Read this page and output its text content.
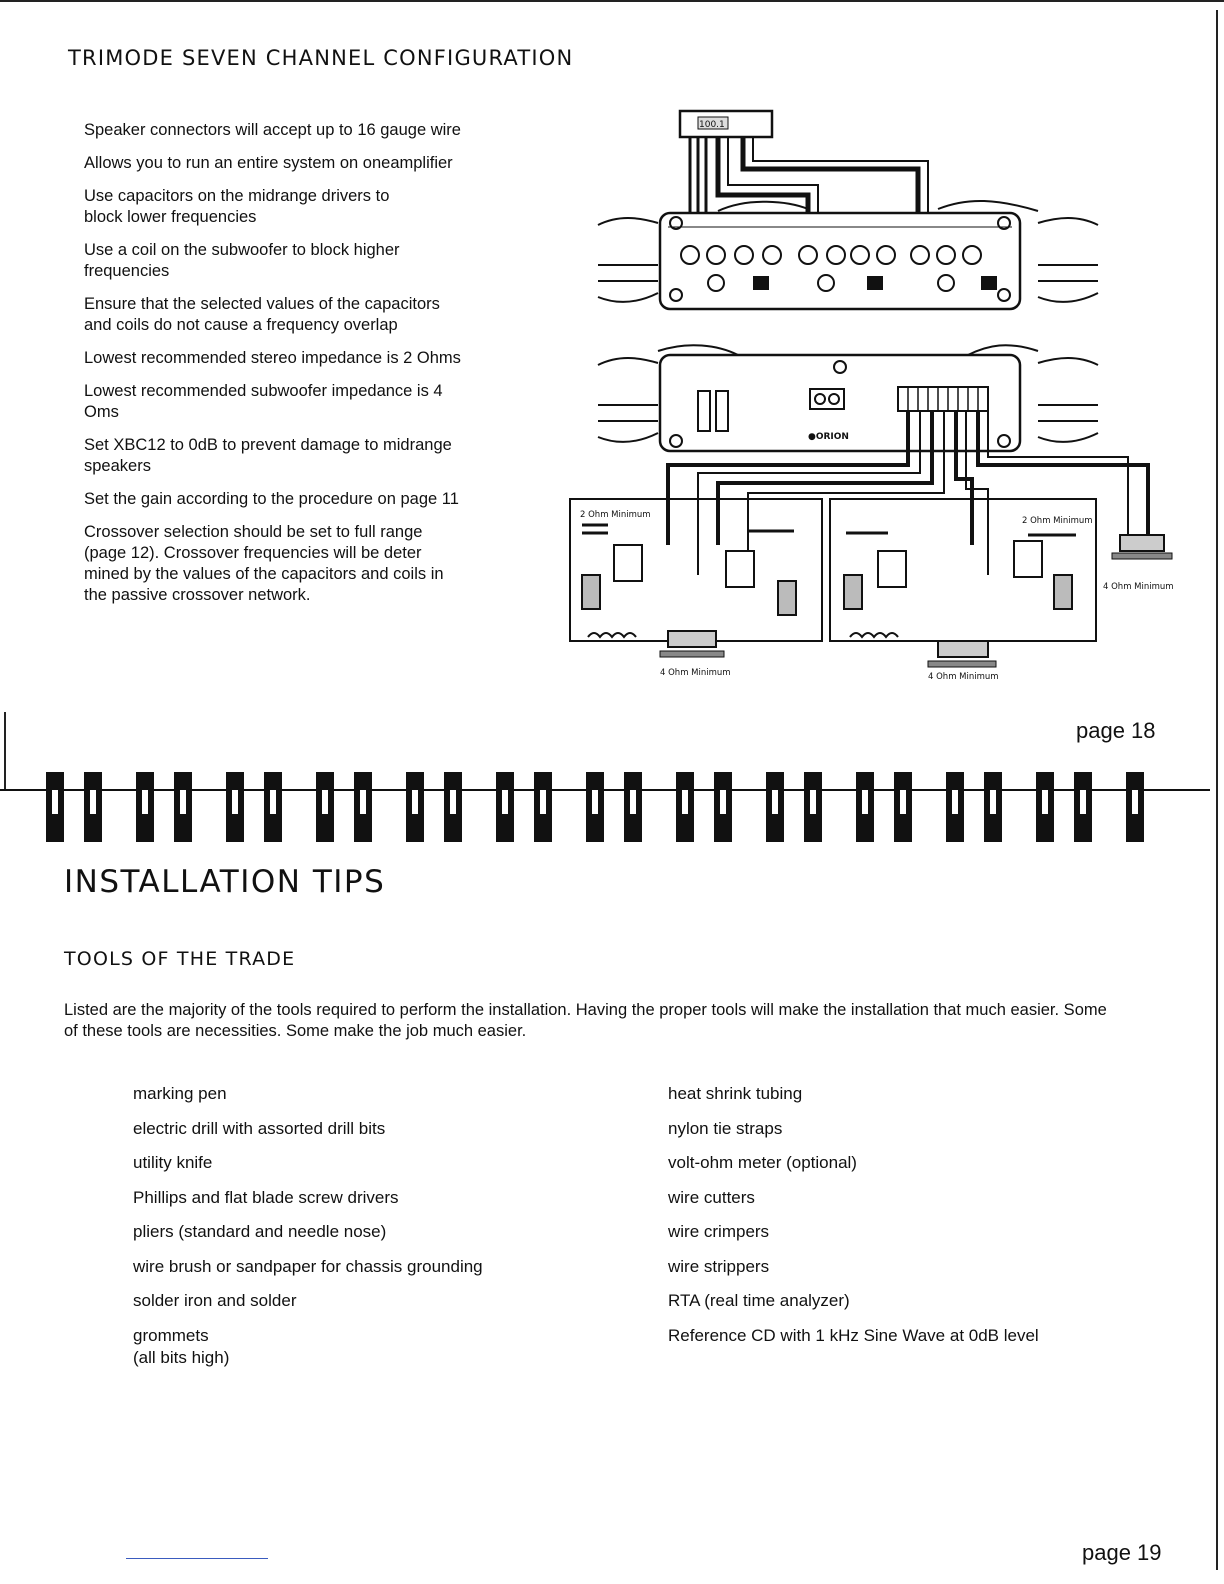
TRIMODE SEVEN CHANNEL CONFIGURATION
Speaker connectors will accept up to 16 gauge wire
Allows you to run an entire system on oneamplifier
Use capacitors on the midrange drivers to
block lower frequencies
Use a coil on the subwoofer to block higher
frequencies
Ensure that the selected values of the capacitors
and coils do not cause a frequency overlap
Lowest recommended stereo impedance is 2 Ohms
Lowest recommended subwoofer impedance is 4
Oms
Set XBC12 to 0dB to prevent damage to midrange
speakers
Set the gain according to the procedure on page 11
Crossover selection should be set to full range
(page 12). Crossover frequencies will be deter
mined by the values of the capacitors and coils in
the passive crossover network.
100.1
●ORION
2 Ohm Minimum
2 Ohm Minimum
4 Ohm Minimum
4 Ohm Minimum	4 Ohm Minimum
page 18
INSTALLATION TIPS
TOOLS OF THE TRADE

Listed are the majority of the tools required to perform the installation. Having the proper tools will make the installation that much easier. Some of these tools are necessities. Some make the job much easier.

marking pen
electric drill with assorted drill bits
utility knife
Phillips and flat blade screw drivers
pliers (standard and needle nose)
wire brush or sandpaper for chassis grounding
solder iron and solder
grommets
(all bits high)
heat shrink tubing
nylon tie straps
volt-ohm meter (optional)
wire cutters
wire crimpers
wire strippers
RTA (real time analyzer)
Reference CD with 1 kHz Sine Wave at 0dB level
page 19
